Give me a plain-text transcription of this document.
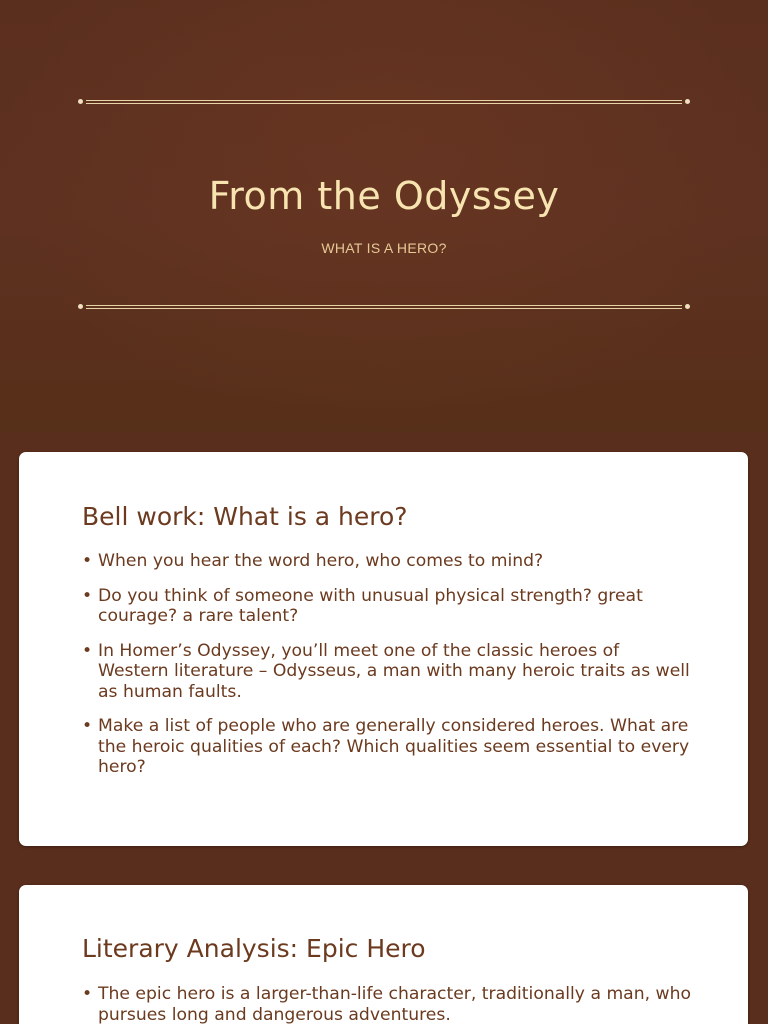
From the Odyssey
WHAT IS A HERO?
Bell work: What is a hero?
• When you hear the word hero, who comes to mind?
• Do you think of someone with unusual physical strength? great courage? a rare talent?
• In Homer’s Odyssey, you’ll meet one of the classic heroes of Western literature – Odysseus, a man with many heroic traits as well as human faults.
• Make a list of people who are generally considered heroes. What are the heroic qualities of each? Which qualities seem essential to every hero?
Literary Analysis: Epic Hero
• The epic hero is a larger-than-life character, traditionally a man, who pursues long and dangerous adventures.
